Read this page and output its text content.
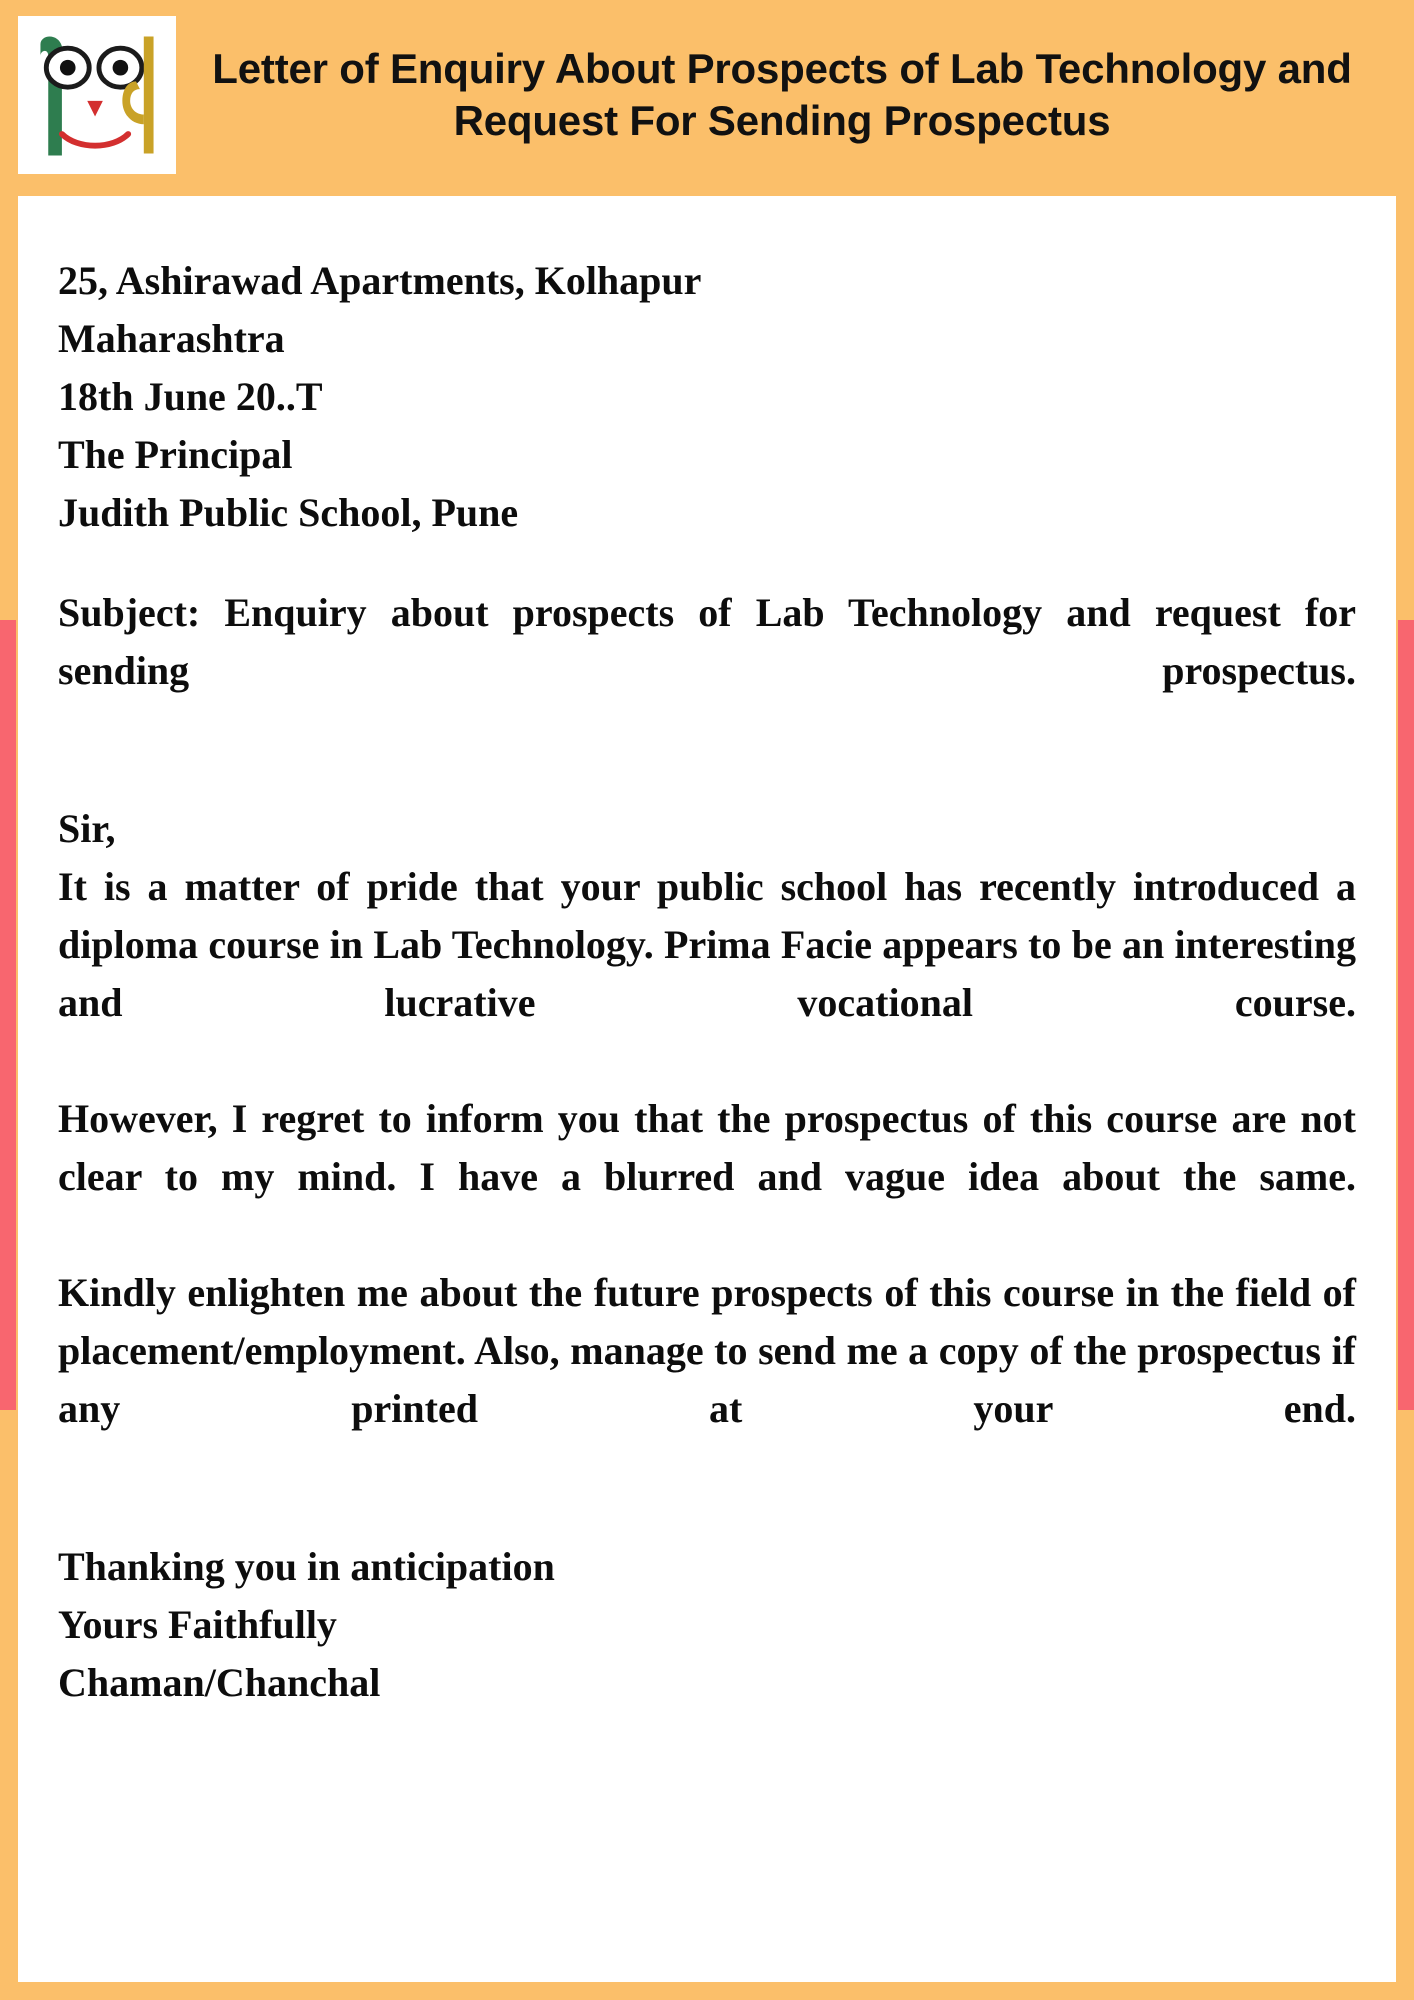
Letter of Enquiry About Prospects of Lab Technology and Request For Sending Prospectus
25, Ashirawad Apartments, Kolhapur
Maharashtra
18th June 20..T
The Principal
Judith Public School, Pune

Subject: Enquiry about prospects of Lab Technology and request for sending prospectus.

Sir,

It is a matter of pride that your public school has recently introduced a diploma course in Lab Technology. Prima Facie appears to be an interesting and lucrative vocational course.

However, I regret to inform you that the prospectus of this course are not clear to my mind. I have a blurred and vague idea about the same.

Kindly enlighten me about the future prospects of this course in the field of placement/employment. Also, manage to send me a copy of the prospectus if any printed at your end.

Thanking you in anticipation
Yours Faithfully
Chaman/Chanchal
